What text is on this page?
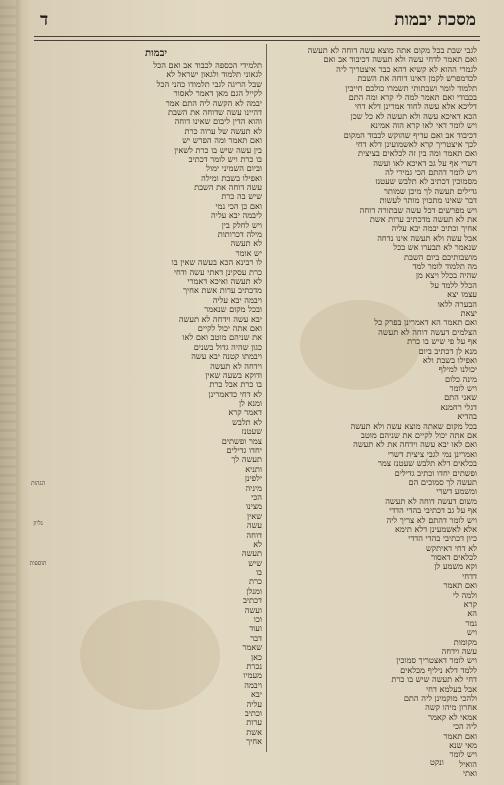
מסכת יבמות
ד
לגבי שבת בכל מקום אתה מוצא עשה דוחה לא תעשה
ואם תאמר לדחי עשה ולא תעשה דכיבוד אב ואם
לגמרי ההוא לא קשיא דהא כבר איצטריך ליה
לכדמפרש לקמן דאינו דוחה את השבת
תלמוד לומר ושבתותי תשמרו כולכם חייבין
בכבודי ואם תאמר למה לי קרא ומה התם
דליכא אלא עשה לחוד אמרינן דלא דחי
הכא דאיכא עשה ולא תעשה לא כל שכן
ויש לומר דאי לאו קרא הוה אמינא
דכיבוד אב ואם עדיף שהוקש לכבוד המקום
לכך איצטריך קרא לאשמועינן דלא דחי
ואם תאמר ומה בין זה לכלאים בציצית
דשרי אף על גב דאיכא לאו ועשה
ויש לומר דהתם הכי גמירי לה
מסמוכין דכתיב לא תלבש שעטנז
גדילים תעשה לך מיכן שמותר
דבר שאינו מתכוין מותר לעשות
ויש מפרשים דכל עשה שבתורה דוחה
את לא תעשה מדכתיב ערות אשת
אחיך וכתיב יבמה יבא עליה
אבל עשה ולא תעשה אינו נדחה
שנאמר לא תבערו אש בכל
מושבותיכם ביום השבת
מה תלמוד לומר למד
שהיה בכלל ויצא מן
הכלל ללמד על
עצמו יצא
הבערה ללאו
יצאת
ואם תאמר הא דאמרינן בפרק כל
הצלמים דעשה דוחה לא תעשה
אף על פי שיש בו כרת
מנא לן דכתיב ביום
ואפילו בשבת ולא
יכולנו למילף
מינה כלום
ויש לומר
שאני התם
דגלי רחמנא
בהדיא
בכל מקום שאתה מוצא עשה ולא תעשה
אם אתה יכול לקיים את שניהם מוטב
ואם לאו יבא עשה וידחה את לא תעשה
ואמרינן נמי לגבי ציצית דשרי
בכלאים דלא תלבש שעטנז צמר
ופשתים יחדו וכתיב גדילים
תעשה לך סמוכים הם
ומשמע דשרי
משום דעשה דוחה לא תעשה
אף על גב דכתיבי בהדי הדדי
ויש לומר דהתם לא צריך ליה
אלא לאשמעינן דלא תימא
כיון דכתיבי בהדי הדדי
לא דחי דאיתקש
לכלאים דאסור
וקא משמע לן
דדחי
ואם תאמר
ולמה לי
קרא
הא
גמר
ויש
מקומות
עשה וידחה
ויש לומר דאצטריך סמוכין
ללמד דלא ניליף מכלאים
דחי לא תעשה שיש בו כרת
אבל בעלמא דחי
ולהכי מוקמינן ליה התם
אחרון מיהו קשה
אמאי לא קאמר
ליה הכי
ואם תאמר
מאי שנא
ויש לומר
הואיל
ואתי
יבמות
תלמידי הכספה לכבוד אב ואם הכל
לגאוני תלמוד ולגאון ישראל לא
שבל הריגה לגבי תלמודו כהני הכל
לקייל הגם מאן דאמר לאסור
יבמה לא הקשה ליה התם אמר
דהיינו עשה שדוחה את השבת
והוא הדין ליבום שאינו דוחה
לא תעשה של ערוה כרת
ואם תאמר ומה הפרש יש
בין עשה שיש בו כרת לשאין
בו כרת ויש לומר דכתיב
וביום השמיני ימול
ואפילו בשבת ומילה
עשה דוחה את השבת
שיש בה כרת
ואם כן הכי נמי
ליבמה יבא עליה
ויש לחלק בין
מילה דכרותות
לא תעשה
יש אומר
לו רבינא הכא בעשה שאין בו
כרת עסקינן דאתי עשה ודחי
לא תעשה ואיכא דאמרי
מדכתיב ערות אשת אחיך
ויבמה יבא עליה
ובכל מקום שנאמר
יבא עשה וידחה לא תעשה
ואם אתה יכול לקיים
את שניהם מוטב ואם לאו
כגון שהיה גדול בשנים
ויבמתו קטנה יבא עשה
וידחה לא תעשה
ודוקא בשעה שאין
בו כרת אבל כרת
לא דחי כדאמרינן
ומנא לן
דאמר קרא
לא תלבש
שעטנז
צמר ופשתים
יחדו גדילים
תעשה לך
ותניא
ילפינן
מיניה
הכי
מצינו
שאין
עשה
דוחה
לא
תעשה
שיש
בו
כרת
ומנלן
דכתיב
ועשה
וכו
ועוד
דבר
שאמר
כאן
נכרת
מעמיו
ויבמה
יבא
עליה
וכתיב
ערות
אשת
אחיך
הגהות
גליון
תוספות
ונקט
